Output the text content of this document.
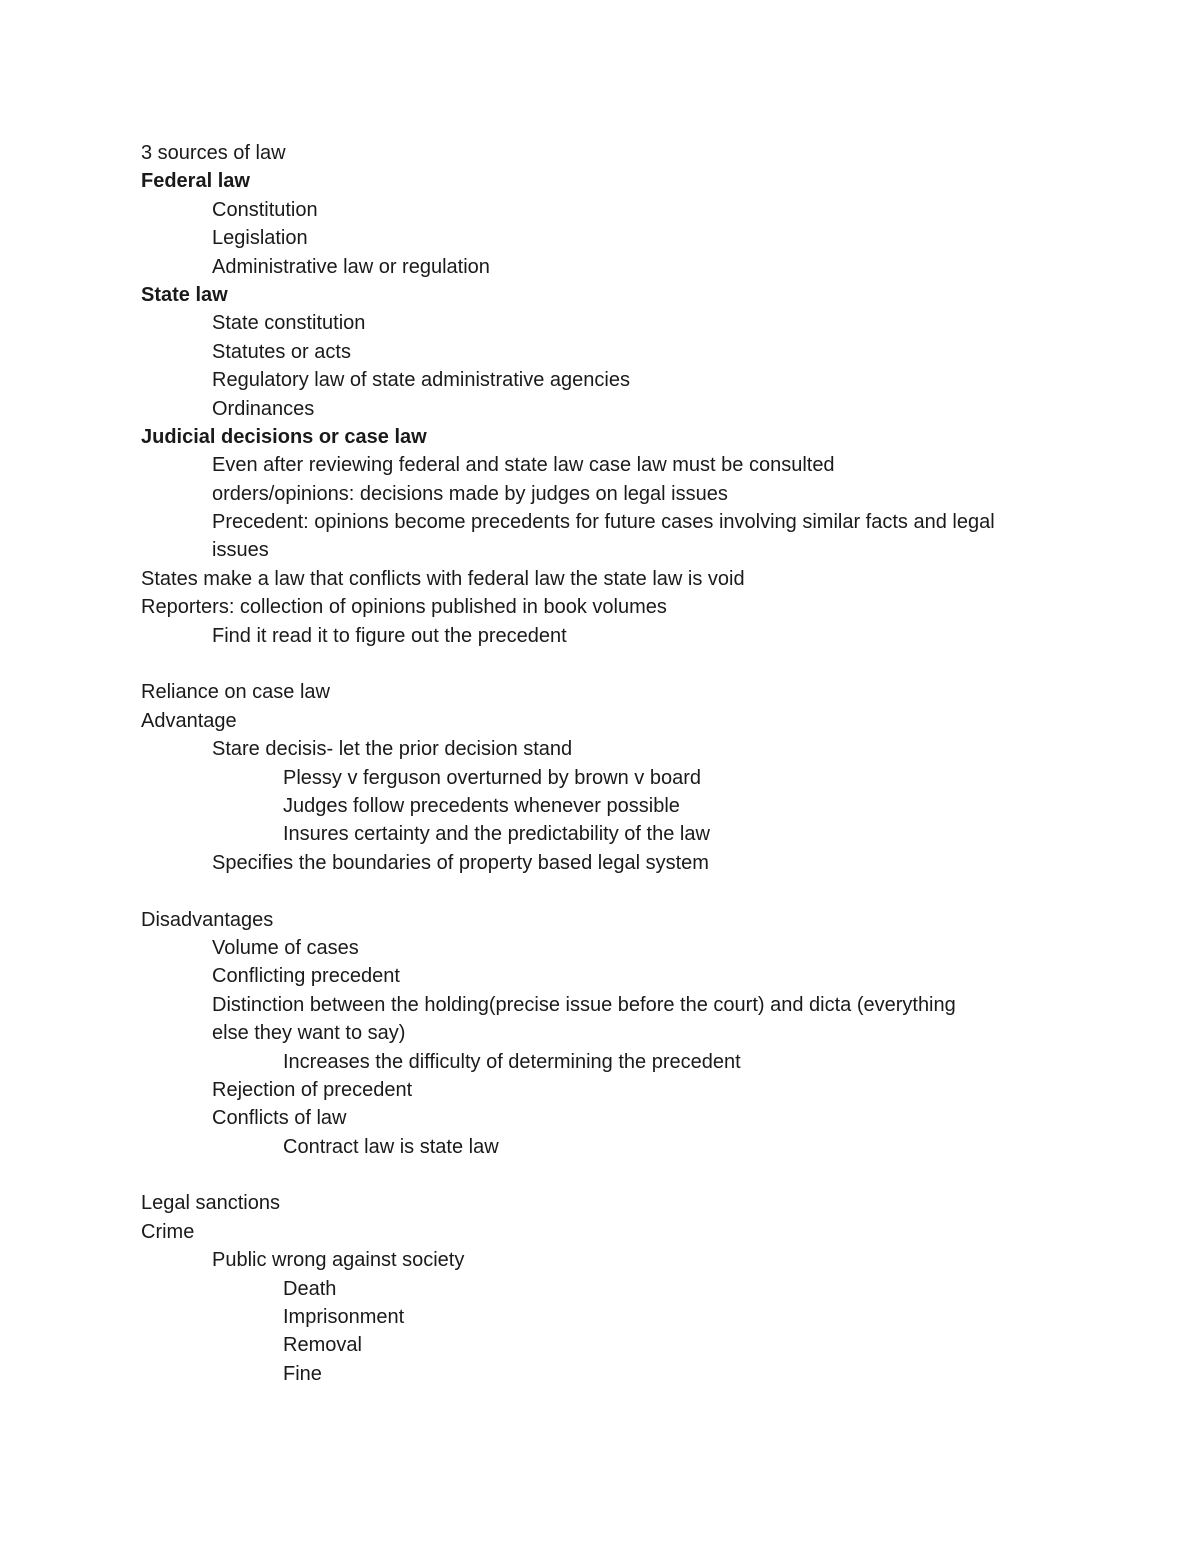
3 sources of law
Federal law
Constitution
Legislation
Administrative law or regulation
State law
State constitution
Statutes or acts
Regulatory law of state administrative agencies
Ordinances
Judicial decisions or case law
Even after reviewing federal and state law case law must be consulted
orders/opinions: decisions made by judges on legal issues
Precedent: opinions become precedents for future cases involving similar facts and legal
issues
States make a law that conflicts with federal law the state law is void
Reporters: collection of opinions published in book volumes
Find it read it to figure out the precedent
Reliance on case law
Advantage
Stare decisis- let the prior decision stand
Plessy v ferguson overturned by brown v board
Judges follow precedents whenever possible
Insures certainty and the predictability of the law
Specifies the boundaries of property based legal system
Disadvantages
Volume of cases
Conflicting precedent
Distinction between the holding(precise issue before the court) and dicta (everything
else they want to say)
Increases the difficulty of determining the precedent
Rejection of precedent
Conflicts of law
Contract law is state law
Legal sanctions
Crime
Public wrong against society
Death
Imprisonment
Removal
Fine
